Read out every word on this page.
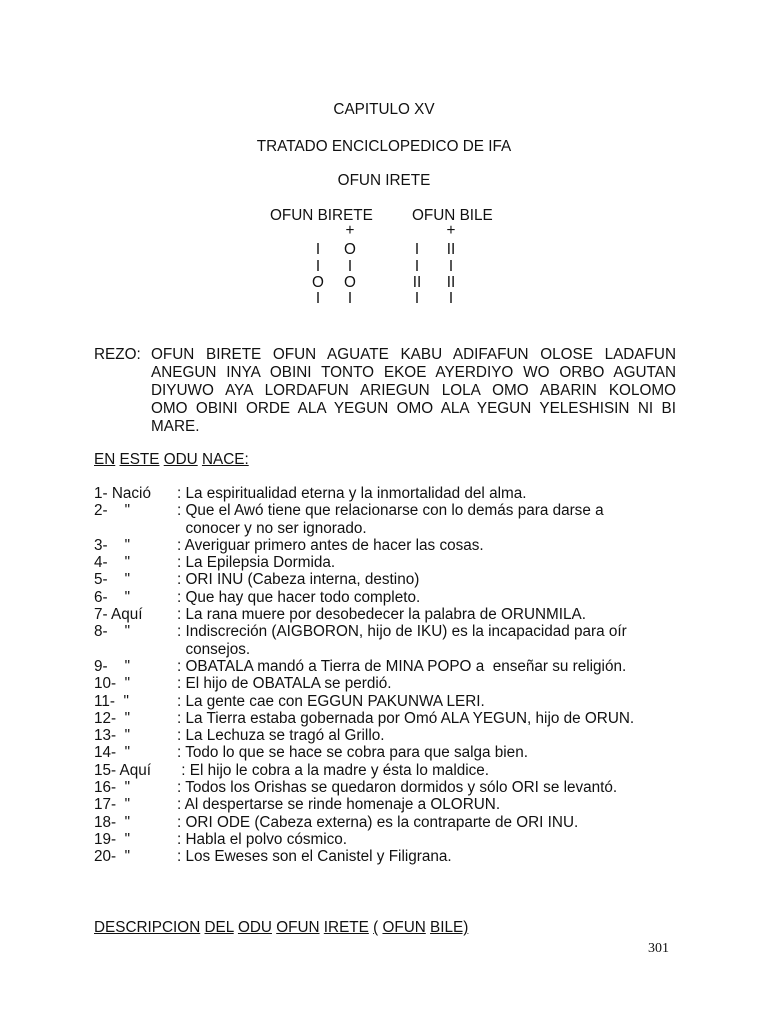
CAPITULO XV
TRATADO ENCICLOPEDICO DE IFA
OFUN IRETE
OFUN BIRETE	OFUN BILE
+
I	O
I	I
O O
I	I
+
I	II
I	I
II II
I	I
REZO: OFUN BIRETE OFUN AGUATE KABU ADIFAFUN OLOSE LADAFUN
ANEGUN INYA OBINI TONTO EKOE AYERDIYO WO ORBO AGUTAN
DIYUWO AYA LORDAFUN ARIEGUN LOLA OMO ABARIN KOLOMO
OMO OBINI ORDE ALA YEGUN OMO ALA YEGUN YELESHISIN NI BI
MARE.
EN ESTE ODU NACE:
1- Nació : La espiritualidad eterna y la inmortalidad del alma.
2-    "	: Que el Awó tiene que relacionarse con lo demás para darse a
conocer y no ser ignorado.
3-    "	: Averiguar primero antes de hacer las cosas.
4-    "	: La Epilepsia Dormida.
5-    "	: ORI INU (Cabeza interna, destino)
6-    "	: Que hay que hacer todo completo.
7- Aquí : La rana muere por desobedecer la palabra de ORUNMILA.
8-    "	: Indiscreción (AIGBORON, hijo de IKU) es la incapacidad para oír
consejos.
9-    "	: OBATALA mandó a Tierra de MINA POPO a  enseñar su religión.
10-  "	: El hijo de OBATALA se perdió.
11-  "	: La gente cae con EGGUN PAKUNWA LERI.
12-  "	: La Tierra estaba gobernada por Omó ALA YEGUN, hijo de ORUN.
13-  "	: La Lechuza se tragó al Grillo.
14-  "	: Todo lo que se hace se cobra para que salga bien.
15- Aquí : El hijo le cobra a la madre y ésta lo maldice.
16-  "	: Todos los Orishas se quedaron dormidos y sólo ORI se levantó.
17-  "	: Al despertarse se rinde homenaje a OLORUN.
18-  "	: ORI ODE (Cabeza externa) es la contraparte de ORI INU.
19-  "	: Habla el polvo cósmico.
20-  "	: Los Eweses son el Canistel y Filigrana.
DESCRIPCION DEL ODU OFUN IRETE ( OFUN BILE)
301
